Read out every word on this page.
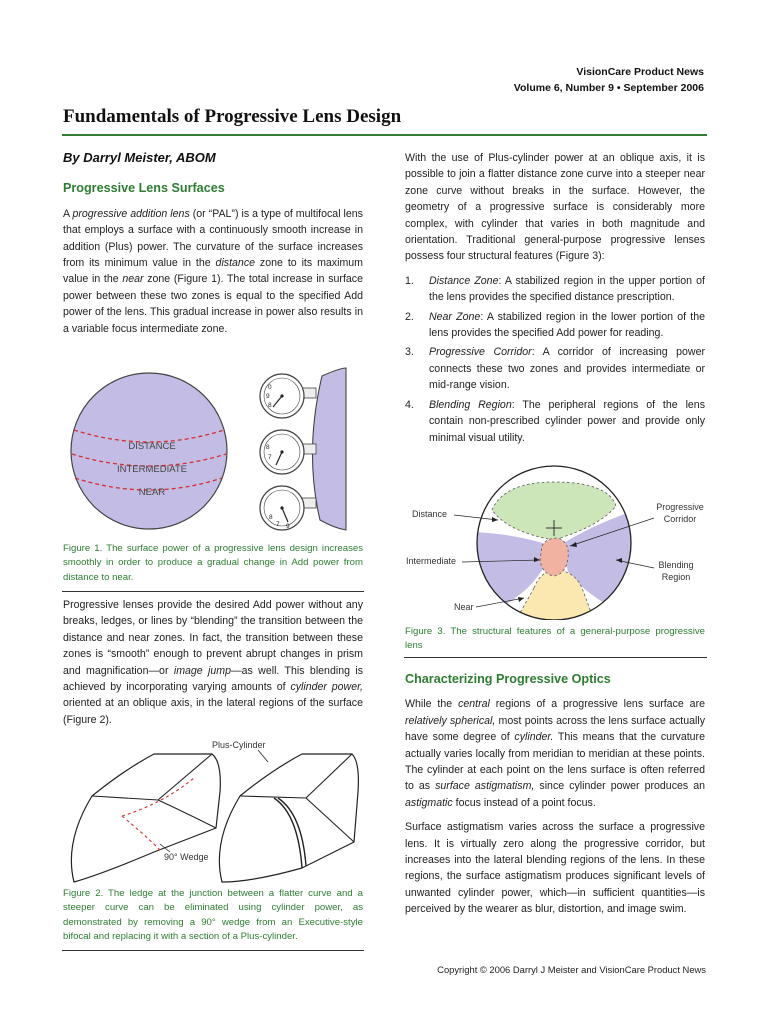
VisionCare Product News
Volume 6, Number 9 • September 2006
Fundamentals of Progressive Lens Design
By Darryl Meister, ABOM
Progressive Lens Surfaces

A progressive addition lens (or “PAL”) is a type of multifocal lens that employs a surface with a continuously smooth increase in addition (Plus) power. The curvature of the surface increases from its minimum value in the distance zone to its maximum value in the near zone (Figure 1). The total increase in surface power between these two zones is equal to the specified Add power of the lens. This gradual increase in power also results in a variable focus intermediate zone.

DISTANCE
INTERMEDIATE
NEAR
0
9
8
8
7
8
7 9

Figure 1. The surface power of a progressive lens design increases smoothly in order to produce a gradual change in Add power from distance to near.

Progressive lenses provide the desired Add power without any breaks, ledges, or lines by “blending” the transition between the distance and near zones. In fact, the transition between these zones is “smooth” enough to prevent abrupt changes in prism and magnification—or image jump—as well. This blending is achieved by incorporating varying amounts of cylinder power, oriented at an oblique axis, in the lateral regions of the surface (Figure 2).

90° Wedge
Plus-Cylinder

Figure 2. The ledge at the junction between a flatter curve and a steeper curve can be eliminated using cylinder power, as demonstrated by removing a 90° wedge from an Executive-style bifocal and replacing it with a section of a Plus-cylinder.

With the use of Plus-cylinder power at an oblique axis, it is possible to join a flatter distance zone curve into a steeper near zone curve without breaks in the surface. However, the geometry of a progressive surface is considerably more complex, with cylinder that varies in both magnitude and orientation. Traditional general-purpose progressive lenses possess four structural features (Figure 3):

1. Distance Zone: A stabilized region in the upper portion of the lens provides the specified distance prescription.
2. Near Zone: A stabilized region in the lower portion of the lens provides the specified Add power for reading.
3. Progressive Corridor: A corridor of increasing power connects these two zones and provides intermediate or mid-range vision.
4. Blending Region: The peripheral regions of the lens contain non-prescribed cylinder power and provide only minimal visual utility.
Distance
Intermediate
Near
Progressive
Corridor
Blending
Region

Figure 3. The structural features of a general-purpose progressive lens

Characterizing Progressive Optics

While the central regions of a progressive lens surface are relatively spherical, most points across the lens surface actually have some degree of cylinder. This means that the curvature actually varies locally from meridian to meridian at these points. The cylinder at each point on the lens surface is often referred to as surface astigmatism, since cylinder power produces an astigmatic focus instead of a point focus.

Surface astigmatism varies across the surface a progressive lens. It is virtually zero along the progressive corridor, but increases into the lateral blending regions of the lens. In these regions, the surface astigmatism produces significant levels of unwanted cylinder power, which—in sufficient quantities—is perceived by the wearer as blur, distortion, and image swim.

Copyright © 2006 Darryl J Meister and VisionCare Product News
